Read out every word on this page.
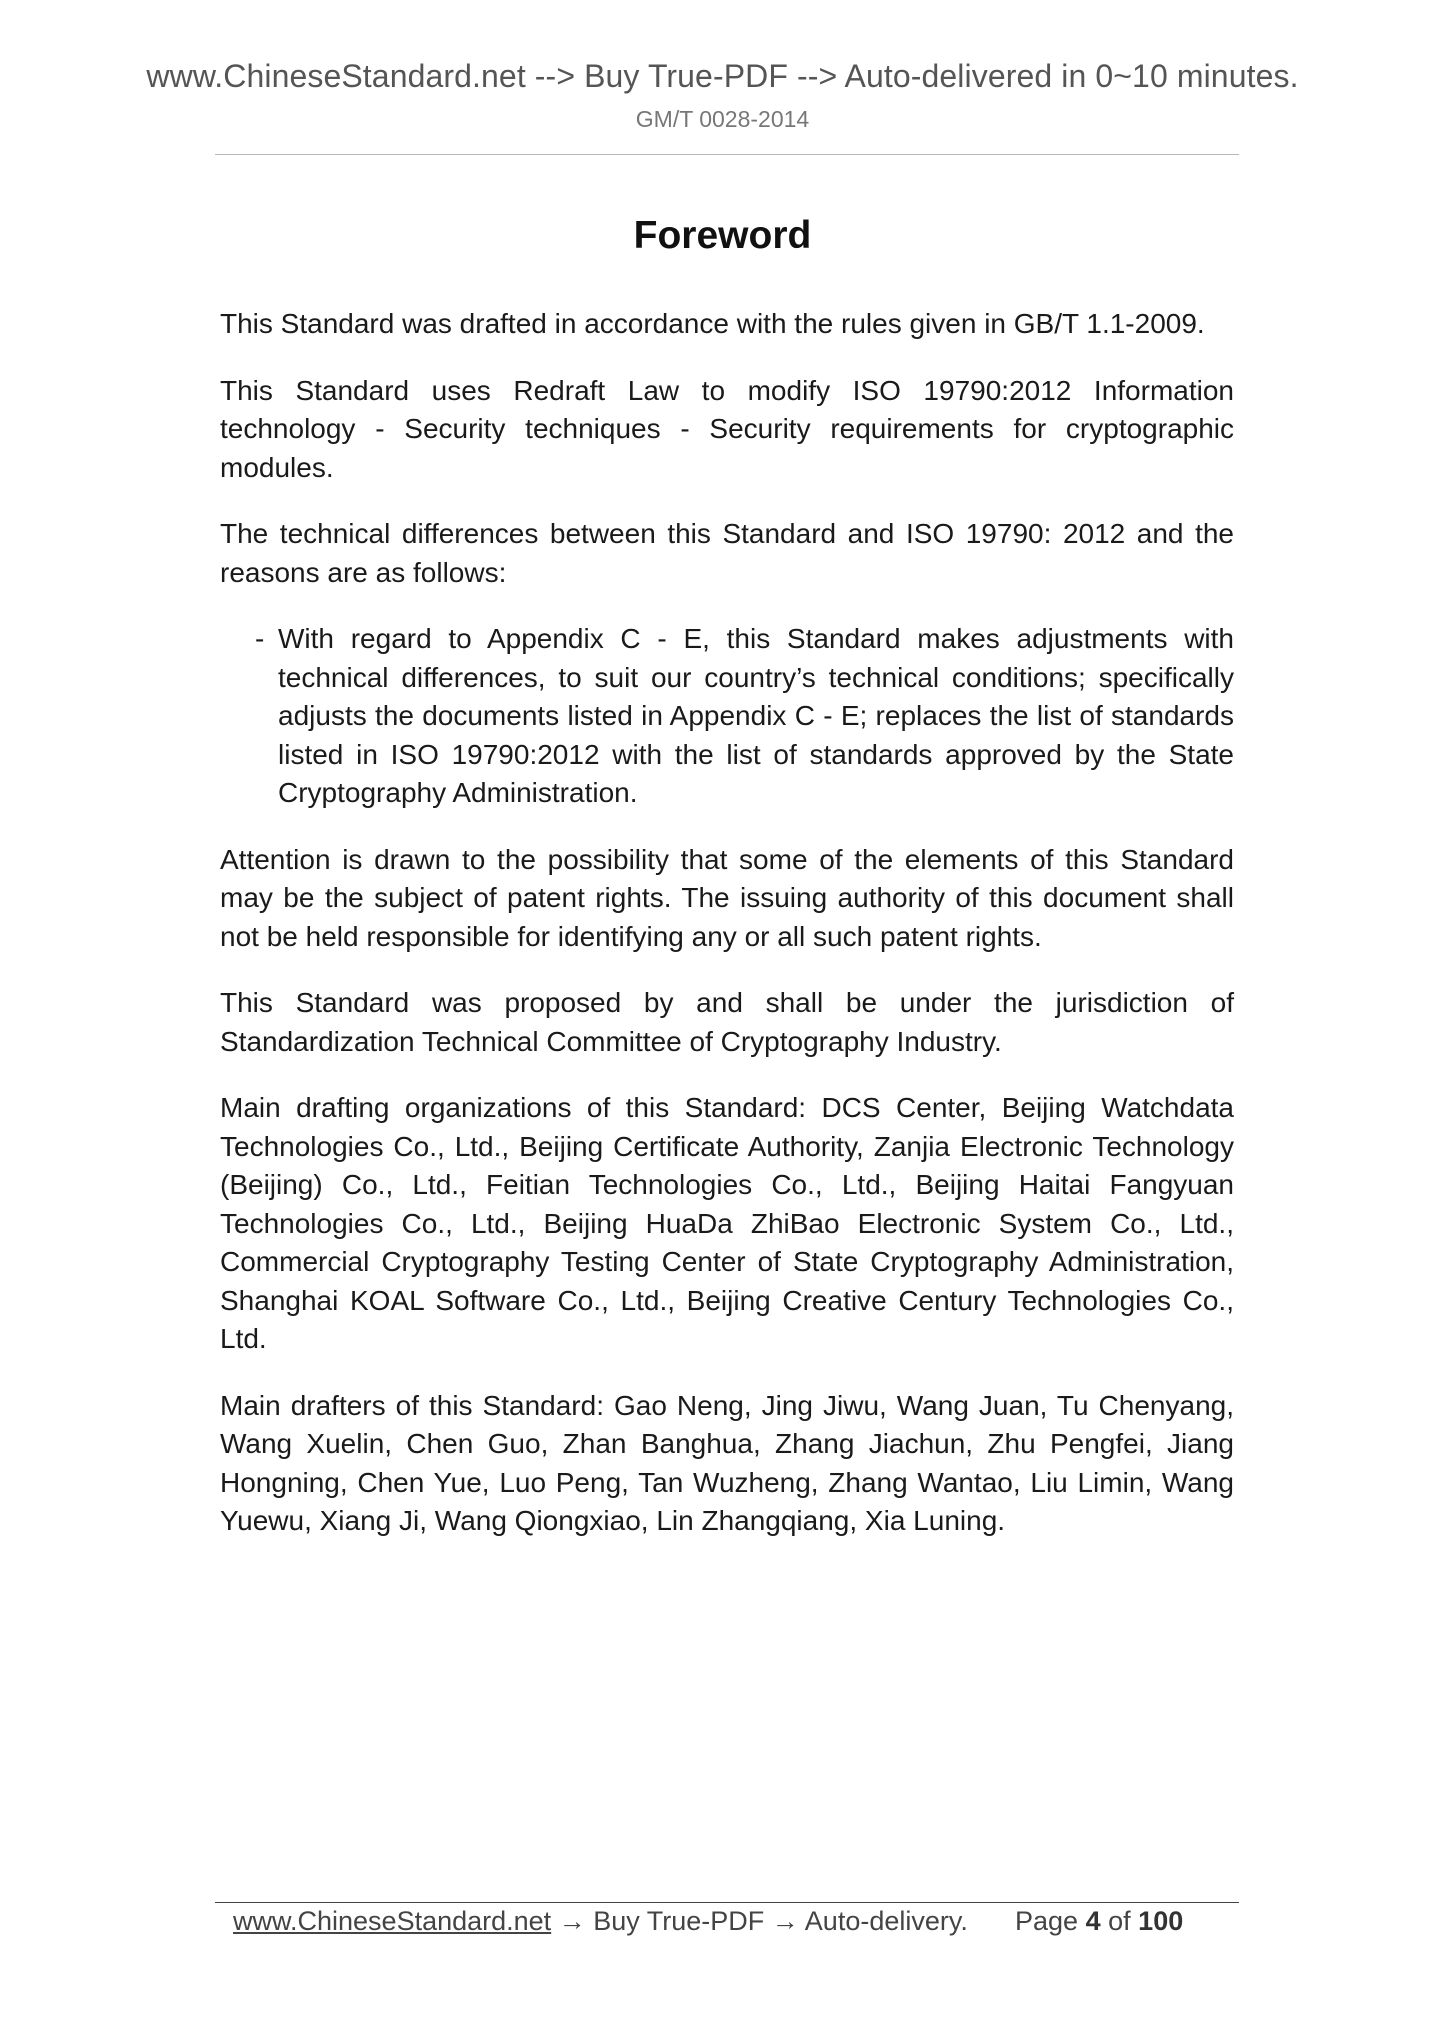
www.ChineseStandard.net --> Buy True-PDF --> Auto-delivered in 0~10 minutes.
GM/T 0028-2014
Foreword

This Standard was drafted in accordance with the rules given in GB/T 1.1-2009.

This Standard uses Redraft Law to modify ISO 19790:2012 Information technology - Security techniques - Security requirements for cryptographic modules.

The technical differences between this Standard and ISO 19790: 2012 and the reasons are as follows:

- With regard to Appendix C - E, this Standard makes adjustments with technical differences, to suit our country’s technical conditions; specifically adjusts the documents listed in Appendix C - E; replaces the list of standards listed in ISO 19790:2012 with the list of standards approved by the State Cryptography Administration.

Attention is drawn to the possibility that some of the elements of this Standard may be the subject of patent rights. The issuing authority of this document shall not be held responsible for identifying any or all such patent rights.

This Standard was proposed by and shall be under the jurisdiction of Standardization Technical Committee of Cryptography Industry.

Main drafting organizations of this Standard: DCS Center, Beijing Watchdata Technologies Co., Ltd., Beijing Certificate Authority, Zanjia Electronic Technology (Beijing) Co., Ltd., Feitian Technologies Co., Ltd., Beijing Haitai Fangyuan Technologies Co., Ltd., Beijing HuaDa ZhiBao Electronic System Co., Ltd., Commercial Cryptography Testing Center of State Cryptography Administration, Shanghai KOAL Software Co., Ltd., Beijing Creative Century Technologies Co., Ltd.

Main drafters of this Standard: Gao Neng, Jing Jiwu, Wang Juan, Tu Chenyang, Wang Xuelin, Chen Guo, Zhan Banghua, Zhang Jiachun, Zhu Pengfei, Jiang Hongning, Chen Yue, Luo Peng, Tan Wuzheng, Zhang Wantao, Liu Limin, Wang Yuewu, Xiang Ji, Wang Qiongxiao, Lin Zhangqiang, Xia Luning.

www.ChineseStandard.net → Buy True-PDF → Auto-delivery. Page 4 of 100
